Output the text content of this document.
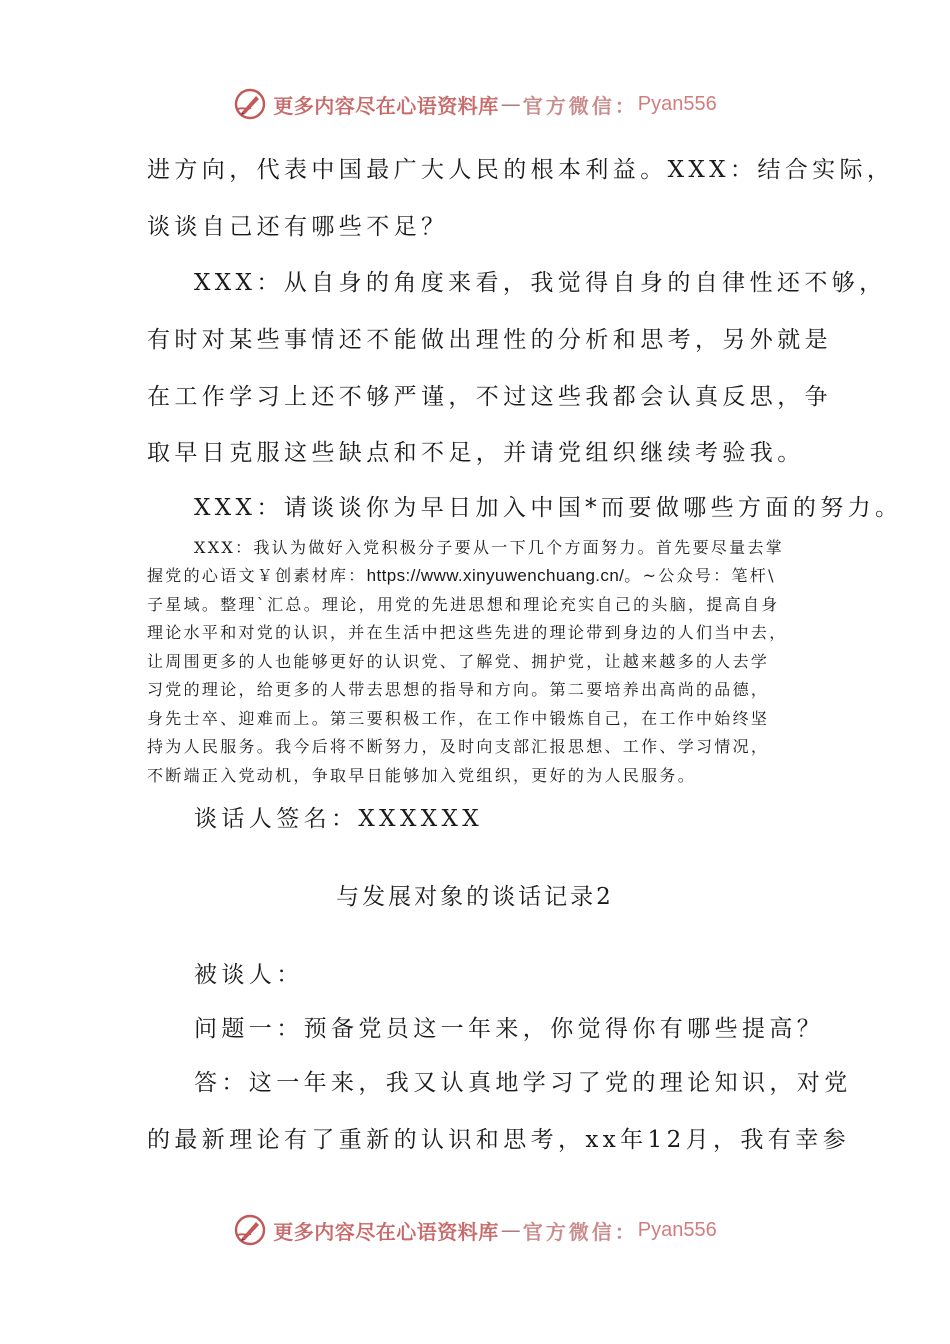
更多内容尽在心语资料库 — 官方微信： Pyan556
进方向，代表中国最广大人民的根本利益。XXX：结合实际，
谈谈自己还有哪些不足？
XXX：从自身的角度来看，我觉得自身的自律性还不够，
有时对某些事情还不能做出理性的分析和思考，另外就是
在工作学习上还不够严谨，不过这些我都会认真反思，争
取早日克服这些缺点和不足，并请党组织继续考验我。
XXX：请谈谈你为早日加入中国*而要做哪些方面的努力。
XXX：我认为做好入党积极分子要从一下几个方面努力。首先要尽量去掌
握党的心语文￥创素材库：https://www.xinyuwenchuang.cn/。~公众号：笔杆\
子星域。整理`汇总。理论，用党的先进思想和理论充实自己的头脑，提高自身
理论水平和对党的认识，并在生活中把这些先进的理论带到身边的人们当中去，
让周围更多的人也能够更好的认识党、了解党、拥护党，让越来越多的人去学
习党的理论，给更多的人带去思想的指导和方向。第二要培养出高尚的品德，
身先士卒、迎难而上。第三要积极工作，在工作中锻炼自己，在工作中始终坚
持为人民服务。我今后将不断努力，及时向支部汇报思想、工作、学习情况，
不断端正入党动机，争取早日能够加入党组织，更好的为人民服务。
谈话人签名：XXXXXX
与发展对象的谈话记录2
被谈人：
问题一：预备党员这一年来，你觉得你有哪些提高？
答：这一年来，我又认真地学习了党的理论知识，对党
的最新理论有了重新的认识和思考，xx年12月，我有幸参
更多内容尽在心语资料库 — 官方微信： Pyan556
